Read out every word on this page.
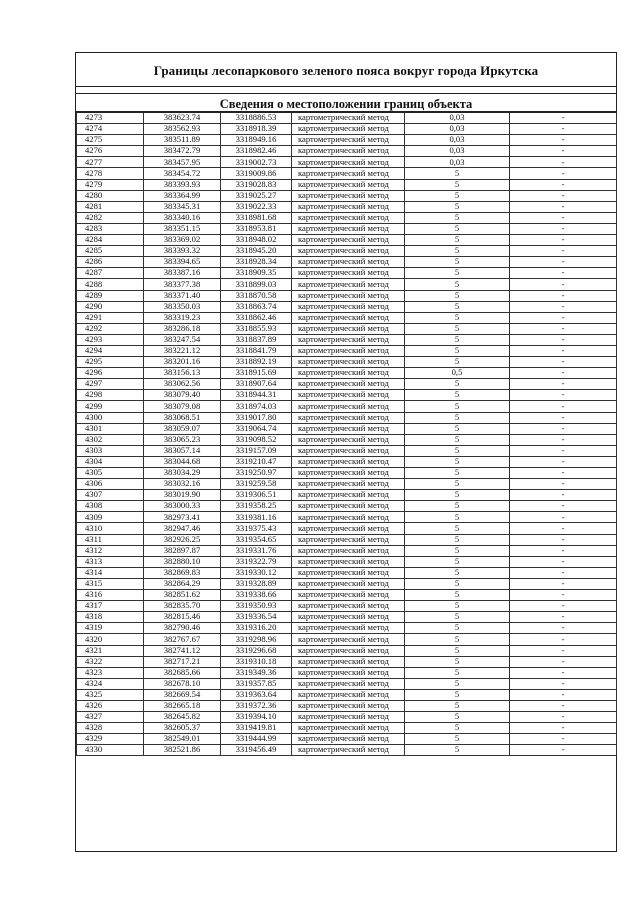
Границы лесопаркового зеленого пояса вокруг города Иркутска
Сведения о местоположении границ объекта
4273	383623.74	3318886.53	картометрический метод	0,03	-
4274	383562.93	3318918.39	картометрический метод	0,03	-
4275	383511.89	3318949.16	картометрический метод	0,03	-
4276	383472.79	3318982.46	картометрический метод	0,03	-
4277	383457.95	3319002.73	картометрический метод	0,03	-
4278	383454.72	3319009.86	картометрический метод	5	-
4279	383393.93	3319028.83	картометрический метод	5	-
4280	383364.99	3319025.27	картометрический метод	5	-
4281	383345.31	3319022.33	картометрический метод	5	-
4282	383340.16	3318981.68	картометрический метод	5	-
4283	383351.15	3318953.81	картометрический метод	5	-
4284	383369.02	3318948.02	картометрический метод	5	-
4285	383393.32	3318945.20	картометрический метод	5	-
4286	383394.65	3318928.34	картометрический метод	5	-
4287	383387.16	3318909.35	картометрический метод	5	-
4288	383377.38	3318899.03	картометрический метод	5	-
4289	383371.40	3318870.58	картометрический метод	5	-
4290	383350.03	3318863.74	картометрический метод	5	-
4291	383319.23	3318862.46	картометрический метод	5	-
4292	383286.18	3318855.93	картометрический метод	5	-
4293	383247.54	3318837.89	картометрический метод	5	-
4294	383221.12	3318841.79	картометрический метод	5	-
4295	383201.16	3318892.19	картометрический метод	5	-
4296	383156.13	3318915.69	картометрический метод	0,5	-
4297	383062.56	3318907.64	картометрический метод	5	-
4298	383079.40	3318944.31	картометрический метод	5	-
4299	383079.08	3318974.03	картометрический метод	5	-
4300	383068.51	3319017.80	картометрический метод	5	-
4301	383059.07	3319064.74	картометрический метод	5	-
4302	383065.23	3319098.52	картометрический метод	5	-
4303	383057.14	3319157.09	картометрический метод	5	-
4304	383044.68	3319210.47	картометрический метод	5	-
4305	383034.29	3319250.97	картометрический метод	5	-
4306	383032.16	3319259.58	картометрический метод	5	-
4307	383019.90	3319306.51	картометрический метод	5	-
4308	383000.33	3319358.25	картометрический метод	5	-
4309	382973.41	3319381.16	картометрический метод	5	-
4310	382947.46	3319375.43	картометрический метод	5	-
4311	382926.25	3319354.65	картометрический метод	5	-
4312	382897.87	3319331.76	картометрический метод	5	-
4313	382880.10	3319322.79	картометрический метод	5	-
4314	382869.83	3319330.12	картометрический метод	5	-
4315	382864.29	3319328.89	картометрический метод	5	-
4316	382851.62	3319338.66	картометрический метод	5	-
4317	382835.70	3319350.93	картометрический метод	5	-
4318	382815.46	3319336.54	картометрический метод	5	-
4319	382790.46	3319316.20	картометрический метод	5	-
4320	382767.67	3319298.96	картометрический метод	5	-
4321	382741.12	3319296.68	картометрический метод	5	-
4322	382717.21	3319310.18	картометрический метод	5	-
4323	382685.66	3319349.36	картометрический метод	5	-
4324	382678.10	3319357.85	картометрический метод	5	-
4325	382669.54	3319363.64	картометрический метод	5	-
4326	382665.18	3319372.36	картометрический метод	5	-
4327	382645.82	3319394.10	картометрический метод	5	-
4328	382605.37	3319419.81	картометрический метод	5	-
4329	382549.01	3319444.99	картометрический метод	5	-
4330	382521.86	3319456.49	картометрический метод	5	-
